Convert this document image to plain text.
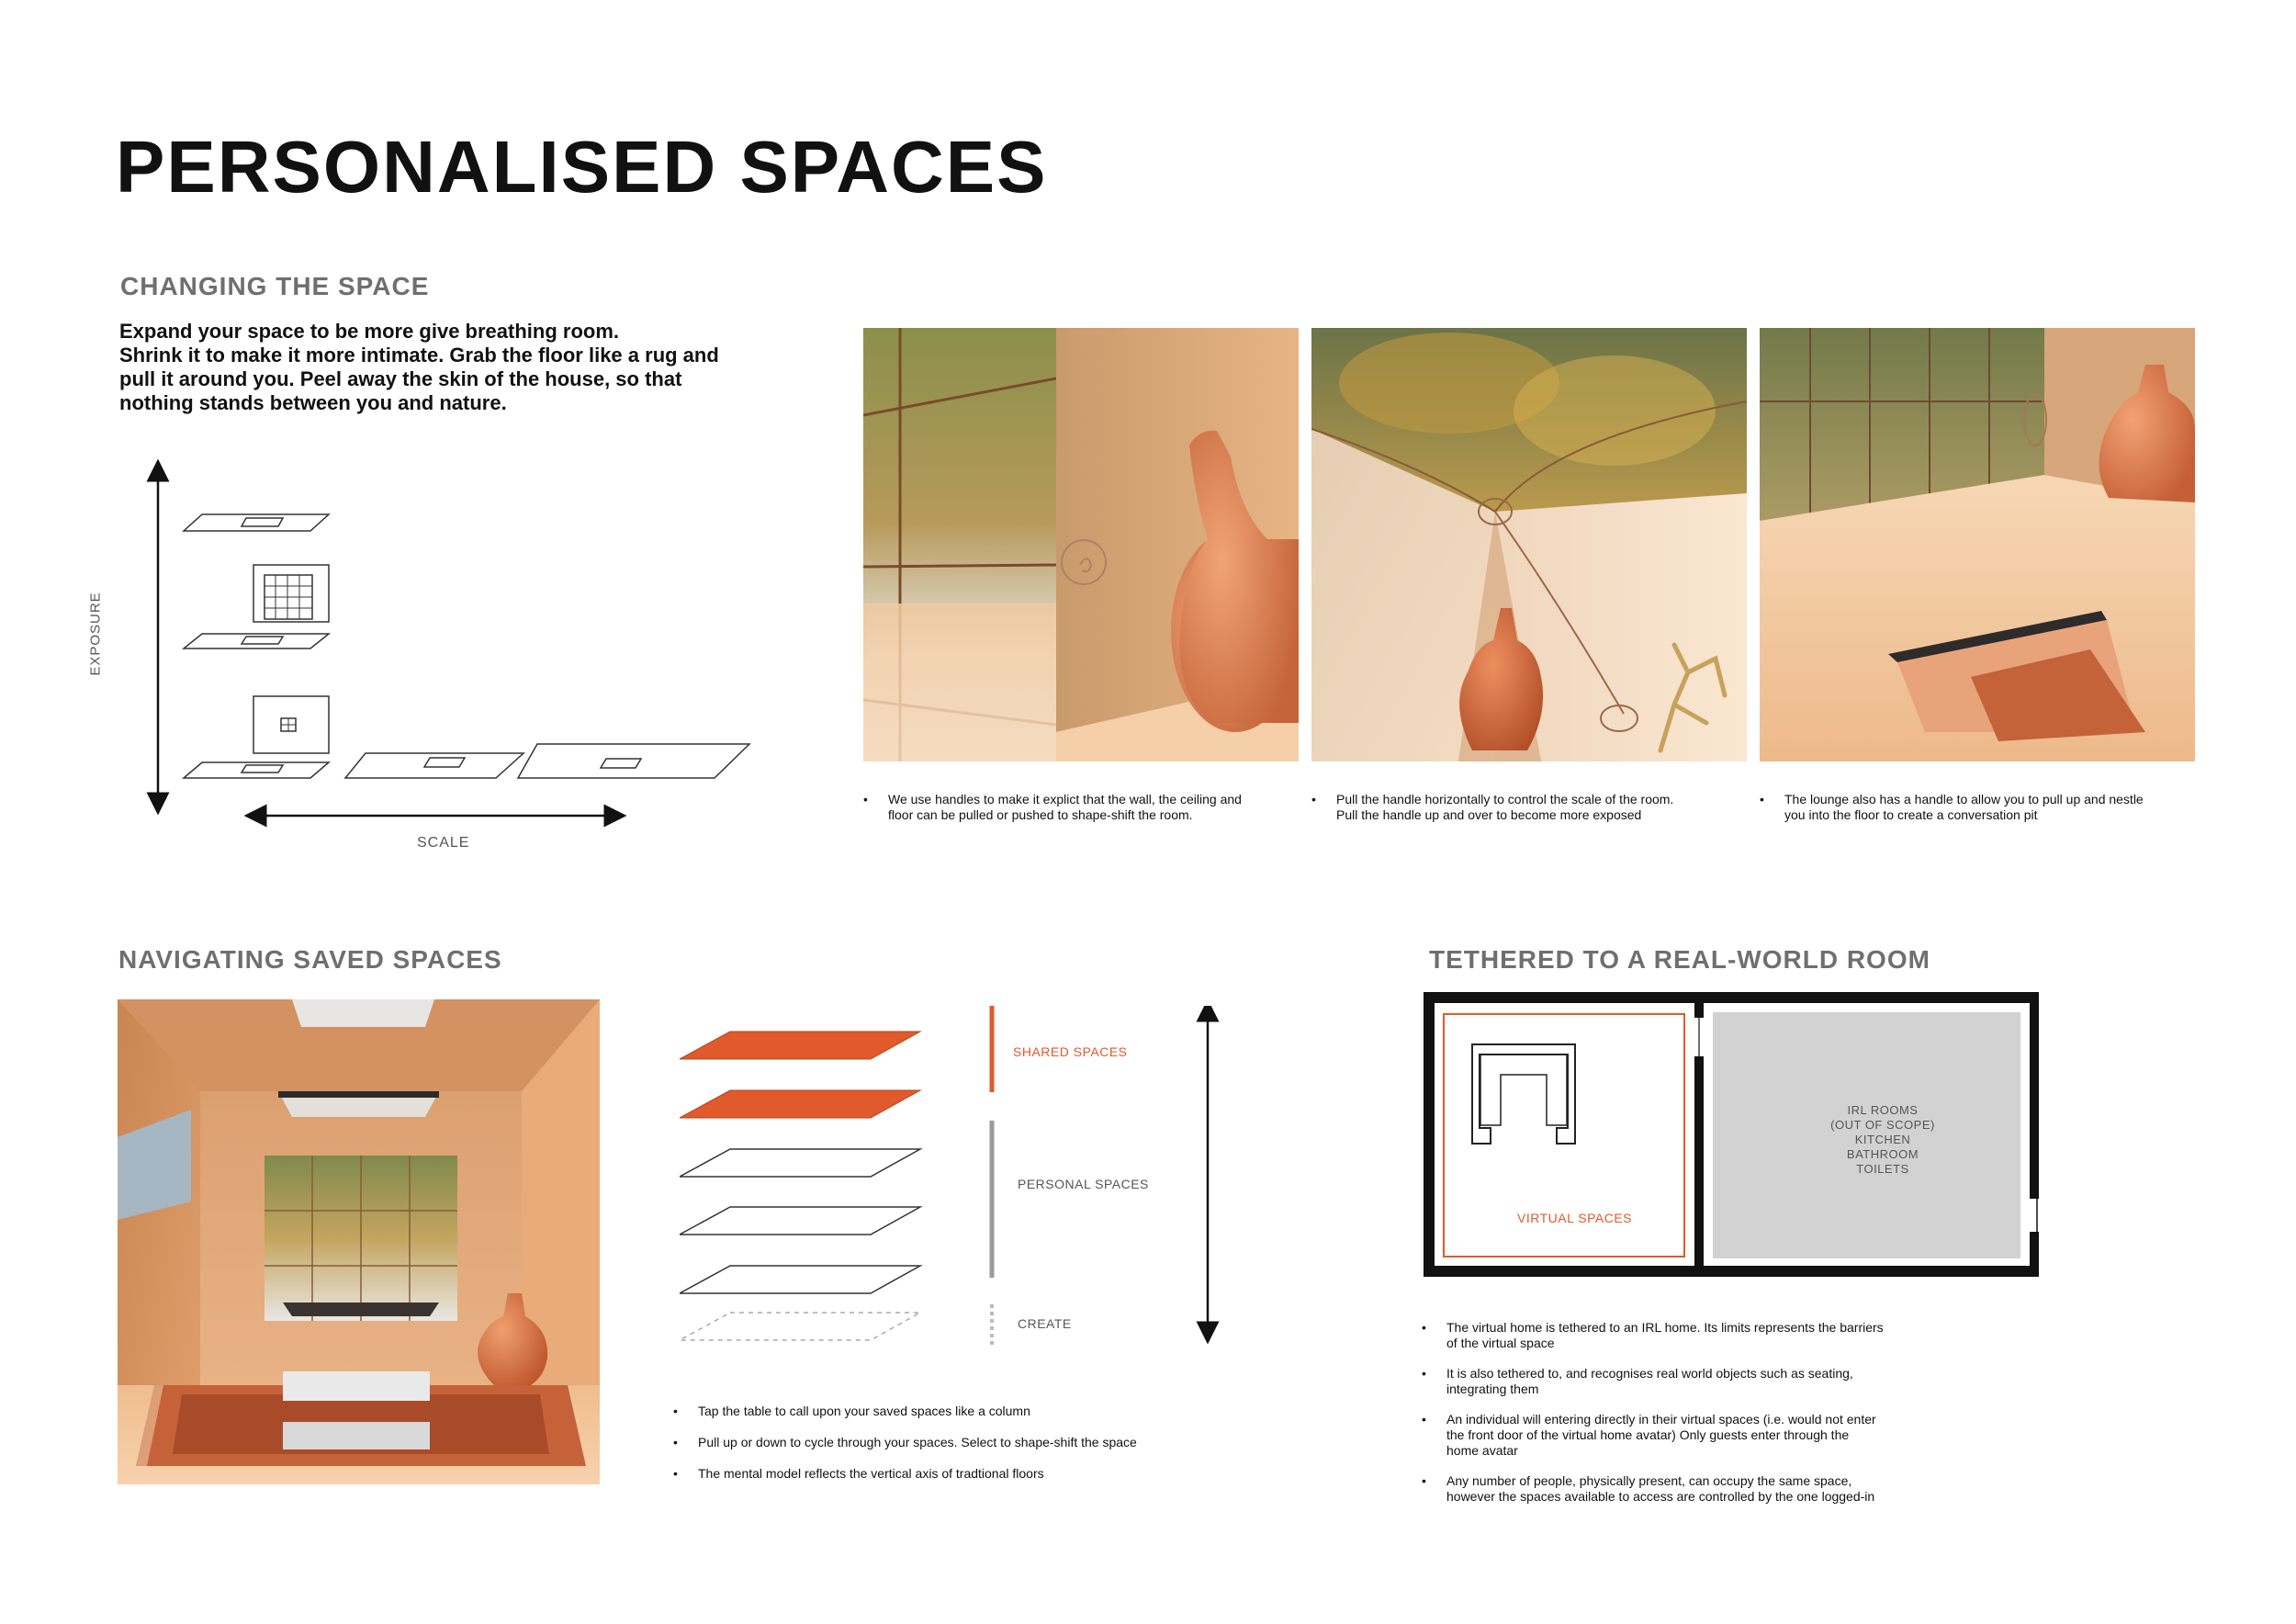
PERSONALISED SPACES
CHANGING THE SPACE
Expand your space to be more give breathing room.
Shrink it to make it more intimate. Grab the floor like a rug and
pull it around you. Peel away the skin of the house, so that
nothing stands between you and nature.
EXPOSURE
SCALE
• We use handles to make it explict that the wall, the ceiling and
floor can be pulled or pushed to shape-shift the room.
• Pull the handle horizontally to control the scale of the room.
Pull the handle up and over to become more exposed
• The lounge also has a handle to allow you to pull up and nestle
you into the floor to create a conversation pit
NAVIGATING SAVED SPACES
SHARED SPACES
PERSONAL SPACES
CREATE
• Tap the table to call upon your saved spaces like a column
• Pull up or down to cycle through your spaces. Select to shape-shift the space
• The mental model reflects the vertical axis of tradtional floors
TETHERED TO A REAL-WORLD ROOM
VIRTUAL SPACES
IRL ROOMS
(OUT OF SCOPE)
KITCHEN
BATHROOM
TOILETS
• The virtual home is tethered to an IRL home. Its limits represents the barriers
of the virtual space
• It is also tethered to, and recognises real world objects such as seating,
integrating them
• An individual will entering directly in their virtual spaces (i.e. would not enter
the front door of the virtual home avatar) Only guests enter through the
home avatar
• Any number of people, physically present, can occupy the same space,
however the spaces available to access are controlled by the one logged-in
